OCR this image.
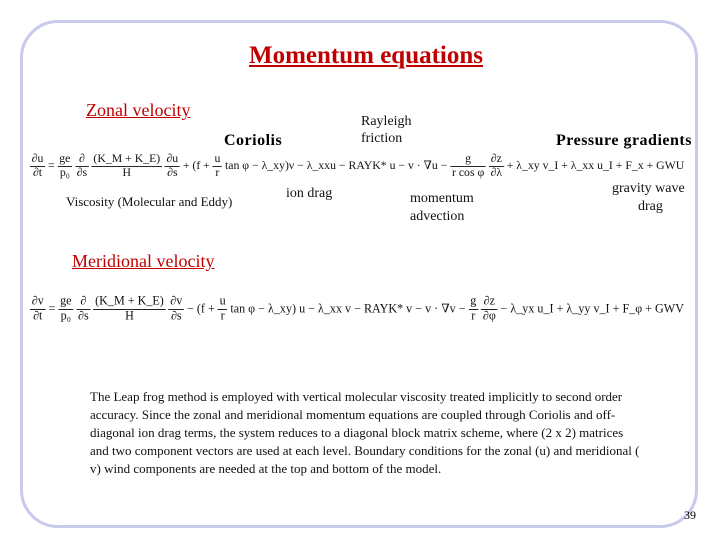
Momentum equations
Zonal velocity
Rayleigh
friction
Coriolis	Pressure gradients
$\frac{\partial u}{\partial t} = \frac{ge}{\text{p₀}}$
$\frac{\partial}{\partial s}$
$\frac{(K\_M + K\_E)}{H}$
$\frac{\partial u}{\partial s} + (f + \frac{u}{r}$ tan φ − λ_xy)ν − λ_xxu − RAYK* $u - v \cdot \nabla u - \frac{g}{\text{r cos φ}}$
$\frac{\partial z}{\partial\lambda}$ + λ_xy v_I + λ_xx u_I + F_x + GWU
Viscosity (Molecular and Eddy)
ion drag	momentum
advection
gravity wave
drag
Meridional velocity
$\frac{\partial v}{\partial t} = \frac{ge}{\text{p₀}}$
$\frac{\partial}{\partial s}$
$\frac{(K\_M + K\_E)}{H}$
$\frac{\partial v}{\partial s} - (f + \frac{u}{r}$ tan φ − λ_xy) u − λ_xx v − RAYK* $v - v \cdot \nabla v - \frac{g}{r}$
$\frac{\partial z}{\partial\varphi}$ − λ_yx u_I + λ_yy v_I + F_φ + GWV
The Leap frog method is employed with vertical molecular viscosity treated implicitly to second order accuracy. Since the zonal and meridional momentum equations are coupled through Coriolis and off-diagonal ion drag terms, the system reduces to a diagonal block matrix scheme, where (2 x 2) matrices and two component vectors are used at each level. Boundary conditions for the zonal (u) and meridional ( v) wind components are needed at the top and bottom of the model.
39
